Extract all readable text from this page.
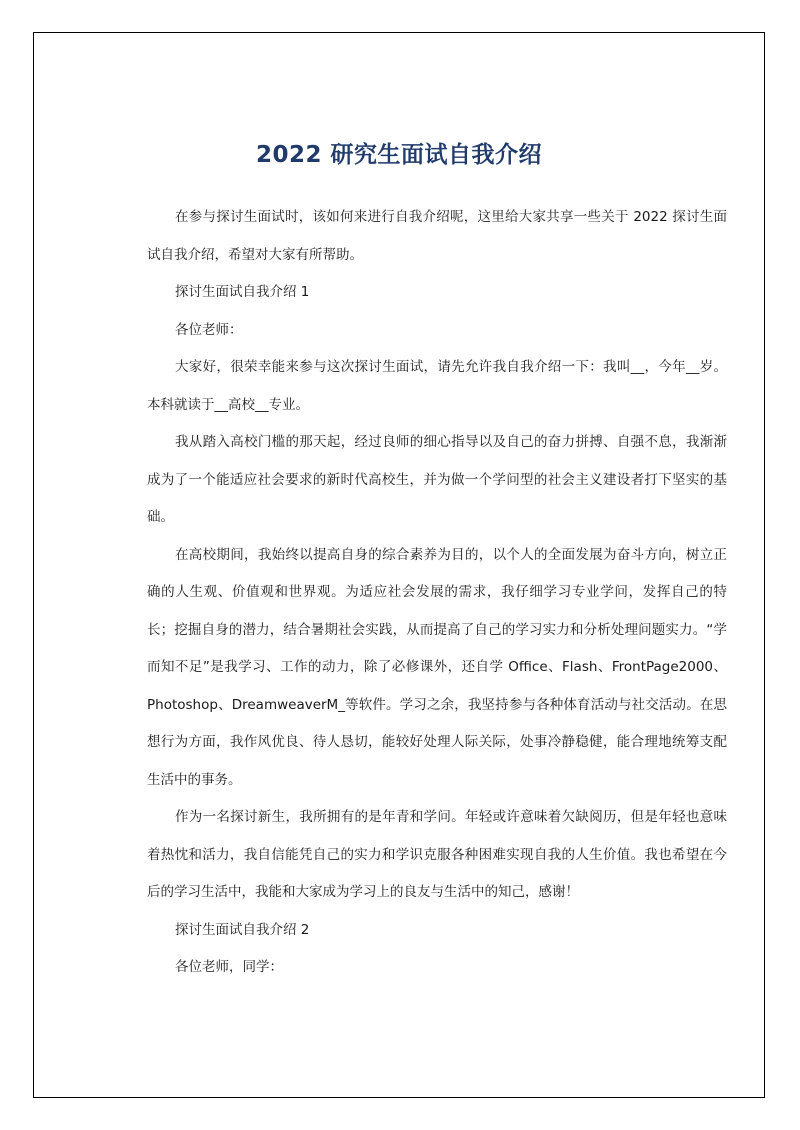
2022 研究生面试自我介绍

在参与探讨生面试时，该如何来进行自我介绍呢，这里给大家共享一些关于 2022 探讨生面试自我介绍，希望对大家有所帮助。

探讨生面试自我介绍 1

各位老师：

大家好，很荣幸能来参与这次探讨生面试，请先允许我自我介绍一下：我叫__，今年__岁。本科就读于__高校__专业。

我从踏入高校门槛的那天起，经过良师的细心指导以及自己的奋力拼搏、自强不息，我渐渐成为了一个能适应社会要求的新时代高校生，并为做一个学问型的社会主义建设者打下坚实的基础。

在高校期间，我始终以提高自身的综合素养为目的，以个人的全面发展为奋斗方向，树立正确的人生观、价值观和世界观。为适应社会发展的需求，我仔细学习专业学问，发挥自己的特长；挖掘自身的潜力，结合暑期社会实践，从而提高了自己的学习实力和分析处理问题实力。“学而知不足”是我学习、工作的动力，除了必修课外，还自学 Office、Flash、FrontPage2000、Photoshop、DreamweaverM_等软件。学习之余，我坚持参与各种体育活动与社交活动。在思想行为方面，我作风优良、待人恳切，能较好处理人际关际，处事冷静稳健，能合理地统筹支配生活中的事务。

作为一名探讨新生，我所拥有的是年青和学问。年轻或许意味着欠缺阅历，但是年轻也意味着热忱和活力，我自信能凭自己的实力和学识克服各种困难实现自我的人生价值。我也希望在今后的学习生活中，我能和大家成为学习上的良友与生活中的知己，感谢！

探讨生面试自我介绍 2

各位老师，同学：
